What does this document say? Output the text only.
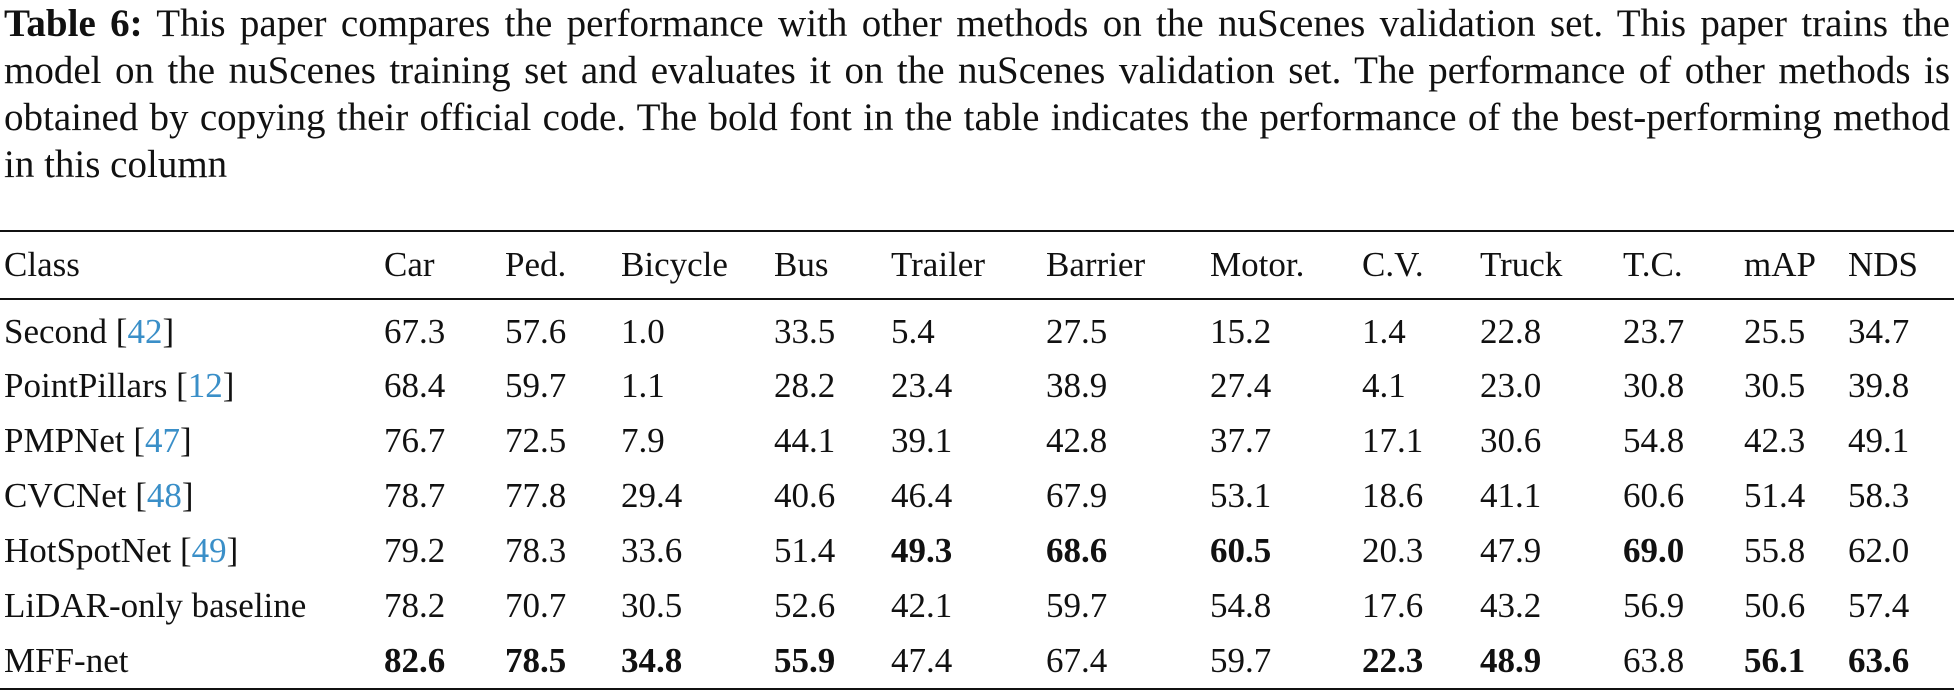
Table 6: This paper compares the performance with other methods on the nuScenes validation set. This paper trains the model on the nuScenes training set and evaluates it on the nuScenes validation set. The performance of other methods is obtained by copying their official code. The bold font in the table indicates the performance of the best-performing method in this column
Class	Car	Ped.	Bicycle	Bus	Trailer	Barrier	Motor.	C.V.	Truck	T.C.	mAP	NDS
Second [42]	67.3	57.6	1.0	33.5	5.4	27.5	15.2	1.4	22.8	23.7	25.5	34.7
PointPillars [12]	68.4	59.7	1.1	28.2	23.4	38.9	27.4	4.1	23.0	30.8	30.5	39.8
PMPNet [47]	76.7	72.5	7.9	44.1	39.1	42.8	37.7	17.1	30.6	54.8	42.3	49.1
CVCNet [48]	78.7	77.8	29.4	40.6	46.4	67.9	53.1	18.6	41.1	60.6	51.4	58.3
HotSpotNet [49]	79.2	78.3	33.6	51.4	49.3	68.6	60.5	20.3	47.9	69.0	55.8	62.0
LiDAR-only baseline	78.2	70.7	30.5	52.6	42.1	59.7	54.8	17.6	43.2	56.9	50.6	57.4
MFF-net	82.6	78.5	34.8	55.9	47.4	67.4	59.7	22.3	48.9	63.8	56.1	63.6
